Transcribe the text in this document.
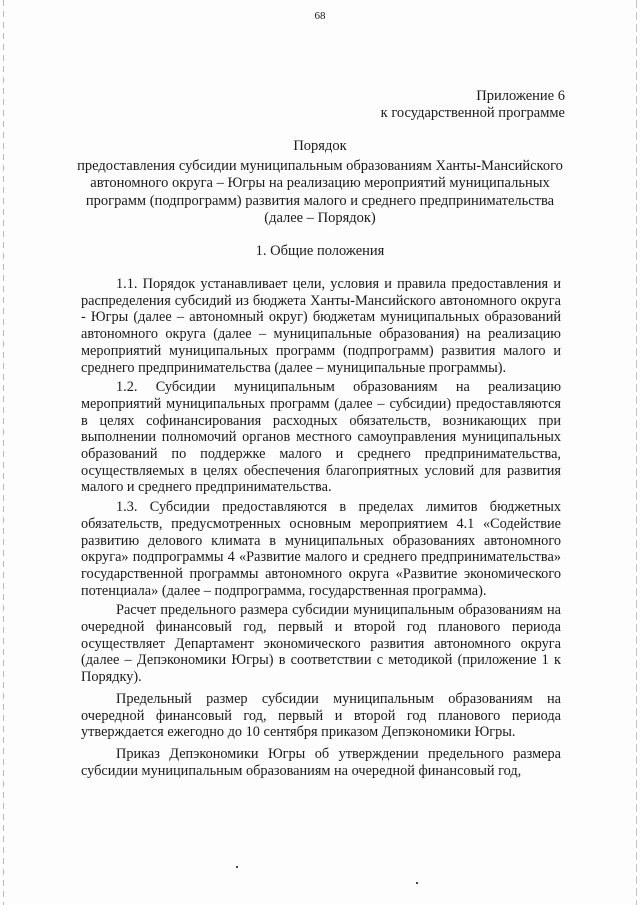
68
Приложение 6
к государственной программе
Порядок
предоставления субсидии муниципальным образованиям Ханты-Мансийского автономного округа – Югры на реализацию мероприятий муниципальных программ (подпрограмм) развития малого и среднего предпринимательства (далее – Порядок)
1. Общие положения

1.1. Порядок устанавливает цели, условия и правила предоставления и распределения субсидий из бюджета Ханты-Мансийского автономного округа - Югры (далее – автономный округ) бюджетам муниципальных образований автономного округа (далее – муниципальные образования) на реализацию мероприятий муниципальных программ (подпрограмм) развития малого и среднего предпринимательства (далее – муниципальные программы).

1.2. Субсидии муниципальным образованиям на реализацию мероприятий муниципальных программ (далее – субсидии) предоставляются в целях софинансирования расходных обязательств, возникающих при выполнении полномочий органов местного самоуправления муниципальных образований по поддержке малого и среднего предпринимательства, осуществляемых в целях обеспечения благоприятных условий для развития малого и среднего предпринимательства.

1.3. Субсидии предоставляются в пределах лимитов бюджетных обязательств, предусмотренных основным мероприятием 4.1 «Содействие развитию делового климата в муниципальных образованиях автономного округа» подпрограммы 4 «Развитие малого и среднего предпринимательства» государственной программы автономного округа «Развитие экономического потенциала» (далее – подпрограмма, государственная программа).

Расчет предельного размера субсидии муниципальным образованиям на очередной финансовый год, первый и второй год планового периода осуществляет Департамент экономического развития автономного округа (далее – Депэкономики Югры) в соответствии с методикой (приложение 1 к Порядку).

Предельный размер субсидии муниципальным образованиям на очередной финансовый год, первый и второй год планового периода утверждается ежегодно до 10 сентября приказом Депэкономики Югры.

Приказ Депэкономики Югры об утверждении предельного размера субсидии муниципальным образованиям на очередной финансовый год,
